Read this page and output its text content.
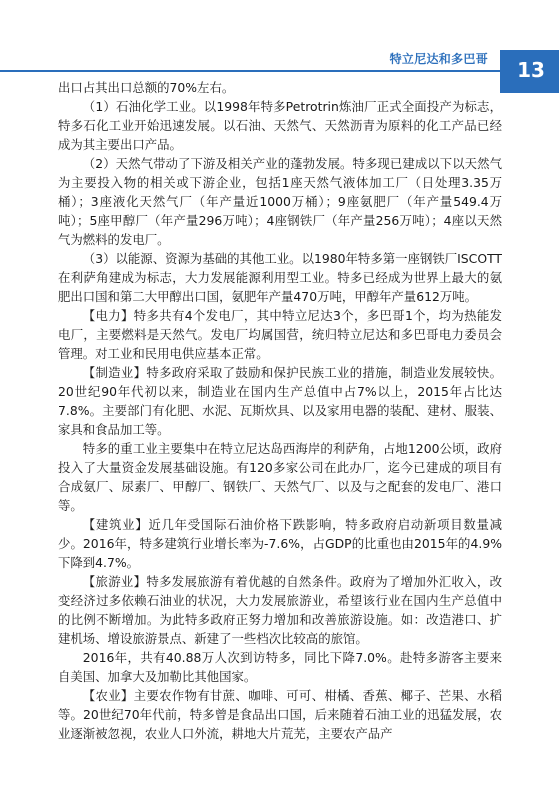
特立尼达和多巴哥	13

出口占其出口总额的70%左右。

（1）石油化学工业。以1998年特多Petrotrin炼油厂正式全面投产为标志，特多石化工业开始迅速发展。以石油、天然气、天然沥青为原料的化工产品已经成为其主要出口产品。

（2）天然气带动了下游及相关产业的蓬勃发展。特多现已建成以下以天然气为主要投入物的相关或下游企业，包括1座天然气液体加工厂（日处理3.35万桶）；3座液化天然气厂（年产量近1000万桶）；9座氨肥厂（年产量549.4万吨）；5座甲醇厂（年产量296万吨）；4座钢铁厂（年产量256万吨）；4座以天然气为燃料的发电厂。

（3）以能源、资源为基础的其他工业。以1980年特多第一座钢铁厂ISCOTT在利萨角建成为标志，大力发展能源利用型工业。特多已经成为世界上最大的氨肥出口国和第二大甲醇出口国，氨肥年产量470万吨，甲醇年产量612万吨。

【电力】特多共有4个发电厂，其中特立尼达3个，多巴哥1个，均为热能发电厂，主要燃料是天然气。发电厂均属国营，统归特立尼达和多巴哥电力委员会管理。对工业和民用电供应基本正常。

【制造业】特多政府采取了鼓励和保护民族工业的措施，制造业发展较快。20世纪90年代初以来，制造业在国内生产总值中占7%以上，2015年占比达7.8%。主要部门有化肥、水泥、瓦斯炊具、以及家用电器的装配、建材、服装、家具和食品加工等。

特多的重工业主要集中在特立尼达岛西海岸的利萨角，占地1200公顷，政府投入了大量资金发展基础设施。有120多家公司在此办厂，迄今已建成的项目有合成氨厂、尿素厂、甲醇厂、钢铁厂、天然气厂、以及与之配套的发电厂、港口等。

【建筑业】近几年受国际石油价格下跌影响，特多政府启动新项目数量减少。2016年，特多建筑行业增长率为-7.6%，占GDP的比重也由2015年的4.9%下降到4.7%。

【旅游业】特多发展旅游有着优越的自然条件。政府为了增加外汇收入，改变经济过多依赖石油业的状况，大力发展旅游业，希望该行业在国内生产总值中的比例不断增加。为此特多政府正努力增加和改善旅游设施。如：改造港口、扩建机场、增设旅游景点、新建了一些档次比较高的旅馆。

2016年，共有40.88万人次到访特多，同比下降7.0%。赴特多游客主要来自美国、加拿大及加勒比其他国家。

【农业】主要农作物有甘蔗、咖啡、可可、柑橘、香蕉、椰子、芒果、水稻等。20世纪70年代前，特多曾是食品出口国，后来随着石油工业的迅猛发展，农业逐渐被忽视，农业人口外流，耕地大片荒芜，主要农产品产
